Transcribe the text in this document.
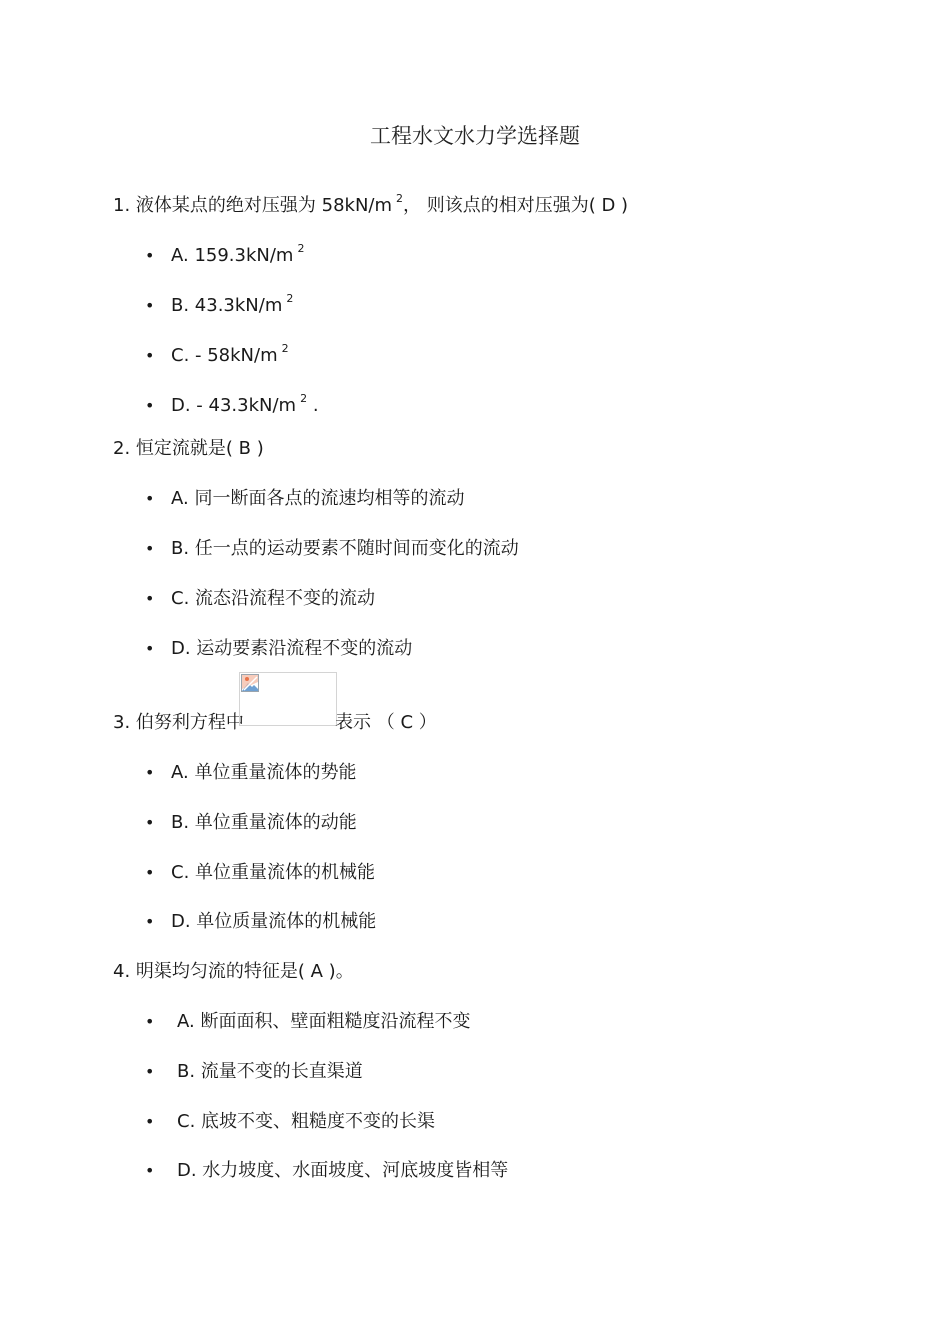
工程水文水力学选择题
1. 液体某点的绝对压强为 58kN/m $^2$， 则该点的相对压强为( D )
• A. 159.3kN/m $^2$
• B. 43.3kN/m $^2$
• C. - 58kN/m $^2$
• D. - 43.3kN/m $^2$ .
2. 恒定流就是( B )
• A. 同一断面各点的流速均相等的流动
• B. 任一点的运动要素不随时间而变化的流动
• C. 流态沿流程不变的流动
• D. 运动要素沿流程不变的流动
3. 伯努利方程中	表示 （ C ）
• A. 单位重量流体的势能
• B. 单位重量流体的动能
• C. 单位重量流体的机械能
• D. 单位质量流体的机械能
4. 明渠均匀流的特征是( A )。
• A. 断面面积、壁面粗糙度沿流程不变
• B. 流量不变的长直渠道
• C. 底坡不变、粗糙度不变的长渠
• D. 水力坡度、水面坡度、河底坡度皆相等
